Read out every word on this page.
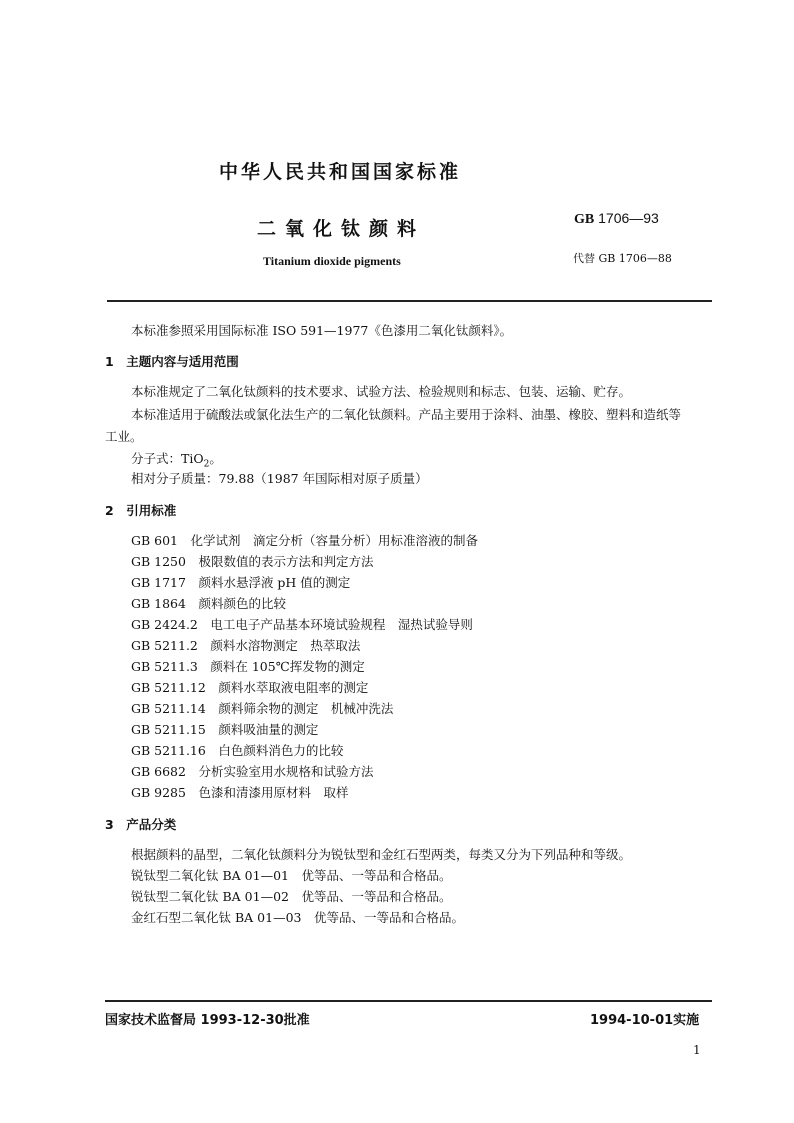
中华人民共和国国家标准
二氧化钛颜料	GB 1706—93
Titanium dioxide pigments	代替 GB 1706—88
本标准参照采用国际标准 ISO 591—1977《色漆用二氧化钛颜料》。
1　主题内容与适用范围
本标准规定了二氧化钛颜料的技术要求、试验方法、检验规则和标志、包装、运输、贮存。
本标准适用于硫酸法或氯化法生产的二氧化钛颜料。产品主要用于涂料、油墨、橡胶、塑料和造纸等
工业。
分子式：TiO$_2$。
相对分子质量：79.88（1987 年国际相对原子质量）
2　引用标准
GB 601　化学试剂　滴定分析（容量分析）用标准溶液的制备
GB 1250　极限数值的表示方法和判定方法
GB 1717　颜料水悬浮液 pH 值的测定
GB 1864　颜料颜色的比较
GB 2424.2　电工电子产品基本环境试验规程　湿热试验导则
GB 5211.2　颜料水溶物测定　热萃取法
GB 5211.3　颜料在 105℃挥发物的测定
GB 5211.12　颜料水萃取液电阻率的测定
GB 5211.14　颜料筛余物的测定　机械冲洗法
GB 5211.15　颜料吸油量的测定
GB 5211.16　白色颜料消色力的比较
GB 6682　分析实验室用水规格和试验方法
GB 9285　色漆和清漆用原材料　取样
3　产品分类
根据颜料的晶型，二氧化钛颜料分为锐钛型和金红石型两类，每类又分为下列品种和等级。
锐钛型二氧化钛 BA 01—01　优等品、一等品和合格品。
锐钛型二氧化钛 BA 01—02　优等品、一等品和合格品。
金红石型二氧化钛 BA 01—03　优等品、一等品和合格品。
国家技术监督局 1993-12-30批准	1994-10-01实施
1
